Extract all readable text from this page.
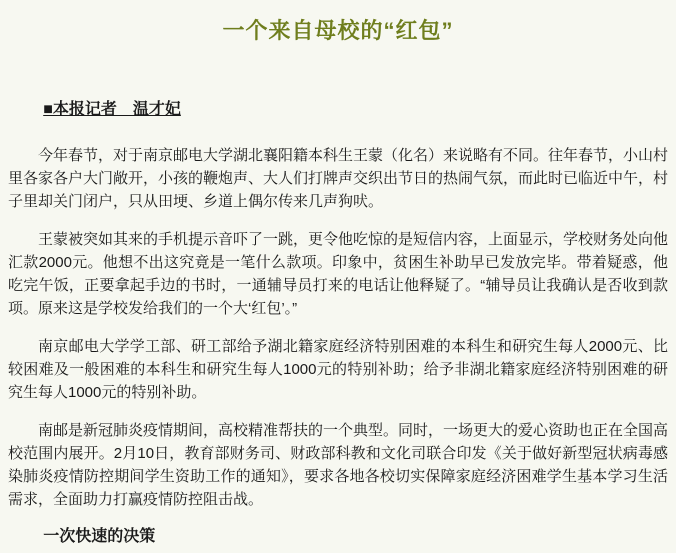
一个来自母校的“红包”
■本报记者　温才妃

今年春节，对于南京邮电大学湖北襄阳籍本科生王蒙（化名）来说略有不同。往年春节，小山村里各家各户大门敞开，小孩的鞭炮声、大人们打牌声交织出节日的热闹气氛，而此时已临近中午，村子里却关门闭户，只从田埂、乡道上偶尔传来几声狗吠。

王蒙被突如其来的手机提示音吓了一跳，更令他吃惊的是短信内容，上面显示，学校财务处向他汇款2000元。他想不出这究竟是一笔什么款项。印象中，贫困生补助早已发放完毕。带着疑惑，他吃完午饭，正要拿起手边的书时，一通辅导员打来的电话让他释疑了。“辅导员让我确认是否收到款项。原来这是学校发给我们的一个大‘红包’。”

南京邮电大学学工部、研工部给予湖北籍家庭经济特别困难的本科生和研究生每人2000元、比较困难及一般困难的本科生和研究生每人1000元的特别补助；给予非湖北籍家庭经济特别困难的研究生每人1000元的特别补助。

南邮是新冠肺炎疫情期间，高校精准帮扶的一个典型。同时，一场更大的爱心资助也正在全国高校范围内展开。2月10日，教育部财务司、财政部科教和文化司联合印发《关于做好新型冠状病毒感染肺炎疫情防控期间学生资助工作的通知》，要求各地各校切实保障家庭经济困难学生基本学习生活需求，全面助力打赢疫情防控阻击战。

一次快速的决策
